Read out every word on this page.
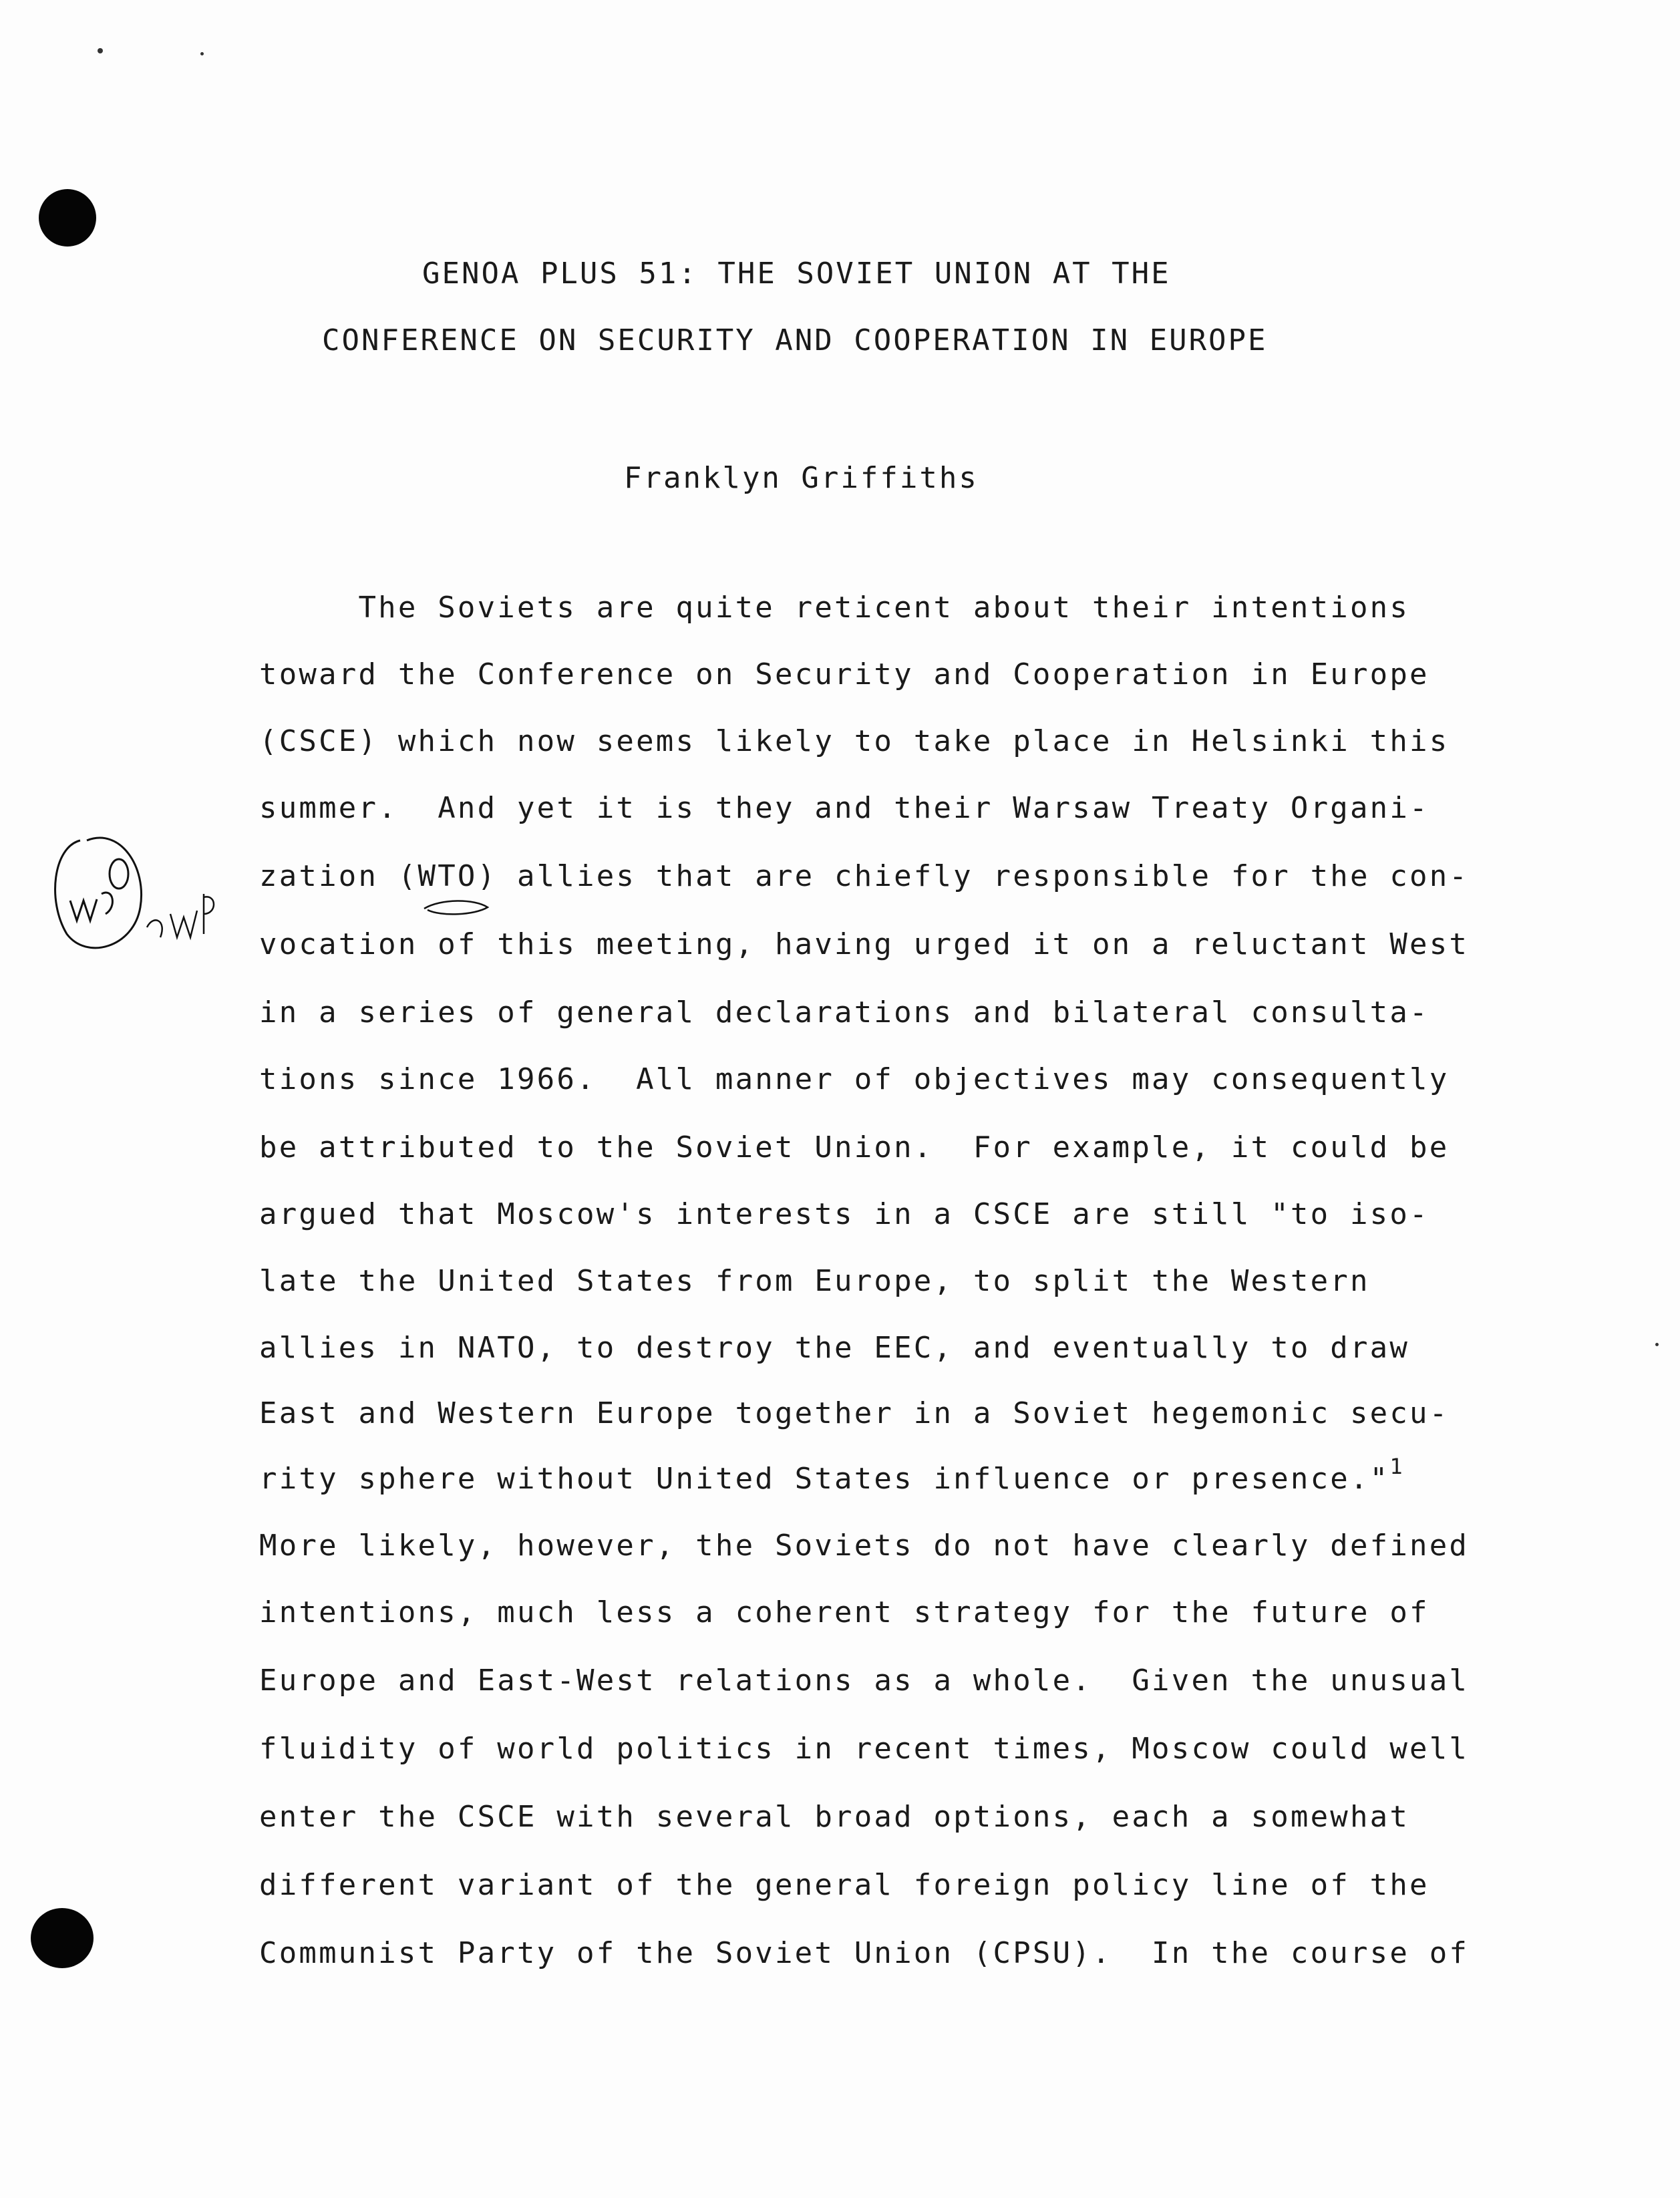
GENOA PLUS 51: THE SOVIET UNION AT THE
CONFERENCE ON SECURITY AND COOPERATION IN EUROPE
Franklyn Griffiths
The Soviets are quite reticent about their intentions
toward the Conference on Security and Cooperation in Europe
(CSCE) which now seems likely to take place in Helsinki this
summer.  And yet it is they and their Warsaw Treaty Organi-
zation (WTO) allies that are chiefly responsible for the con-
vocation of this meeting, having urged it on a reluctant West
in a series of general declarations and bilateral consulta-
tions since 1966.  All manner of objectives may consequently
be attributed to the Soviet Union.  For example, it could be
argued that Moscow's interests in a CSCE are still "to iso-
late the United States from Europe, to split the Western
allies in NATO, to destroy the EEC, and eventually to draw
East and Western Europe together in a Soviet hegemonic secu-
rity sphere without United States influence or presence."$^1$
More likely, however, the Soviets do not have clearly defined
intentions, much less a coherent strategy for the future of
Europe and East-West relations as a whole.  Given the unusual
fluidity of world politics in recent times, Moscow could well
enter the CSCE with several broad options, each a somewhat
different variant of the general foreign policy line of the
Communist Party of the Soviet Union (CPSU).  In the course of
